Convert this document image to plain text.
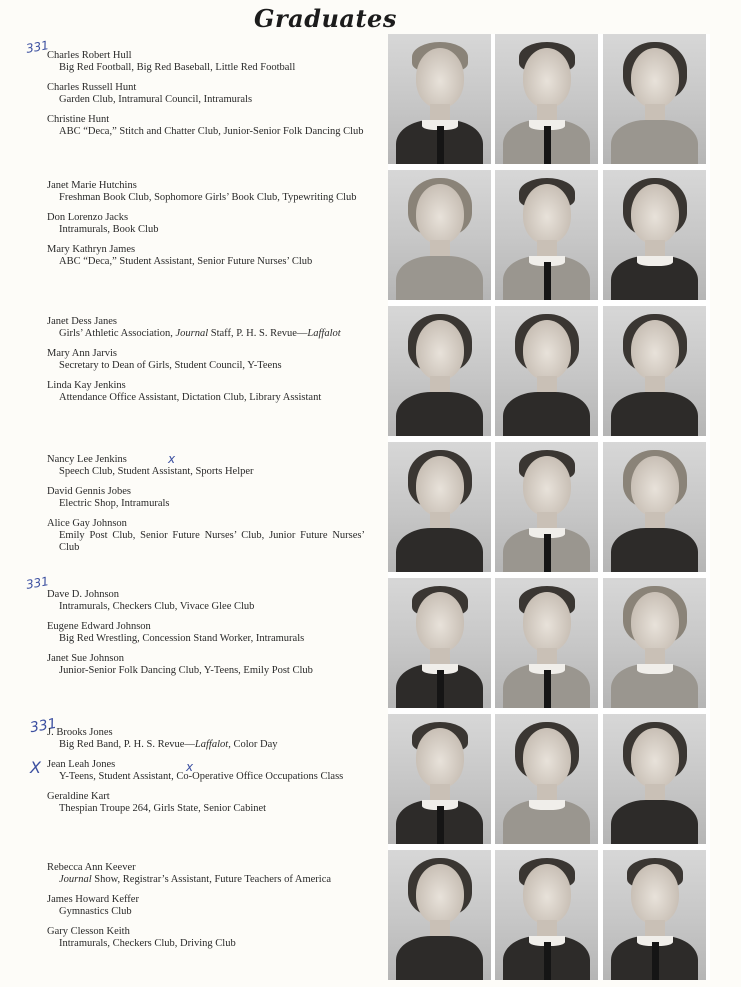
Graduates
331
x
331
331
X	x
Charles Robert Hull
Big Red Football, Big Red Baseball, Little Red Football
Charles Russell Hunt
Garden Club, Intramural Council, Intramurals
Christine Hunt
ABC “Deca,” Stitch and Chatter Club, Junior-Senior Folk Dancing Club
Janet Marie Hutchins
Freshman Book Club, Sophomore Girls’ Book Club, Typewriting Club
Don Lorenzo Jacks
Intramurals, Book Club
Mary Kathryn James
ABC “Deca,” Student Assistant, Senior Future Nurses’ Club
Janet Dess Janes
Girls’ Athletic Association, Journal Staff, P. H. S. Revue—Laffalot
Mary Ann Jarvis
Secretary to Dean of Girls, Student Council, Y-Teens
Linda Kay Jenkins
Attendance Office Assistant, Dictation Club, Library Assistant
Nancy Lee Jenkins
Speech Club, Student Assistant, Sports Helper
David Gennis Jobes
Electric Shop, Intramurals
Alice Gay Johnson
Emily Post Club, Senior Future Nurses’ Club, Junior Future Nurses’ Club
Dave D. Johnson
Intramurals, Checkers Club, Vivace Glee Club
Eugene Edward Johnson
Big Red Wrestling, Concession Stand Worker, Intramurals
Janet Sue Johnson
Junior-Senior Folk Dancing Club, Y-Teens, Emily Post Club
J. Brooks Jones
Big Red Band, P. H. S. Revue—Laffalot, Color Day
Jean Leah Jones
Y-Teens, Student Assistant, Co-Operative Office Occupations Class
Geraldine Kart
Thespian Troupe 264, Girls State, Senior Cabinet
Rebecca Ann Keever
Journal Show, Registrar’s Assistant, Future Teachers of America
James Howard Keffer
Gymnastics Club
Gary Clesson Keith
Intramurals, Checkers Club, Driving Club
